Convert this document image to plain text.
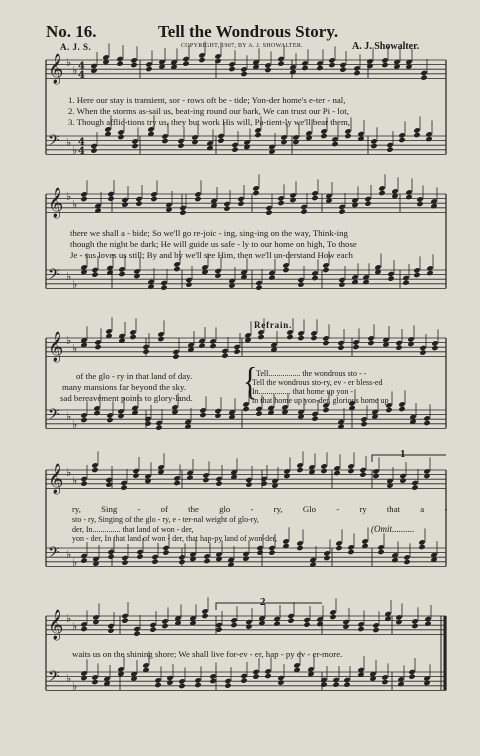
No. 16.	Tell the Wondrous Story.
A. J. S.	COPYRIGHT, 1907, BY A. J. SHOWALTER.	A. J. Showalter.
𝄞 ♭
♭
𝄢 ♭
♭
𝄞 ♭
♭
𝄢 ♭
♭
𝄞 ♭
♭
𝄢 ♭
♭
𝄞 ♭
♭
𝄢 ♭
♭
𝄞 ♭
♭
𝄢 ♭
♭
4
4
4
4
1. Here our stay is transient, sor - rows oft be - tide; Yon-der home's e-ter - nal,
2. When the storms as-sail us, beat-ing round our bark, We can trust our Pi - lot,
3. Though afflic-tions try us, they but work His will, Pa-tient-ly we'll bear them,
there we shall a - bide; So we'll go re-joic - ing, sing-ing on the way, Think-ing
though the night be dark; He will guide us safe - ly to our home on high, To those
Je - sus loves us still; By and by we'll see Him, then we'll un-derstand How each
Refrain.
of the glo - ry in that land of day.
many mansions far beyond the sky.
sad bereavement points to glory-land. {
Tell................ the wondrous sto - -
Tell the wondrous sto-ry, ev - er bless-ed
In................ that home up yon -
in that home up yon-der, glorious home up
ry, Sing - of the glo - ry, Glo - ry that a -
sto - ry, Singing of the glo - ry, e - ter-nal weight of glo-ry,
der, In.............. that land of won - der,	(Omit..........
yon - der, In that land of won - der, that hap-py land of won-der,
1
waits us on the shining shore; We shall live for-ev - er, hap - py ev - er-more.
2
